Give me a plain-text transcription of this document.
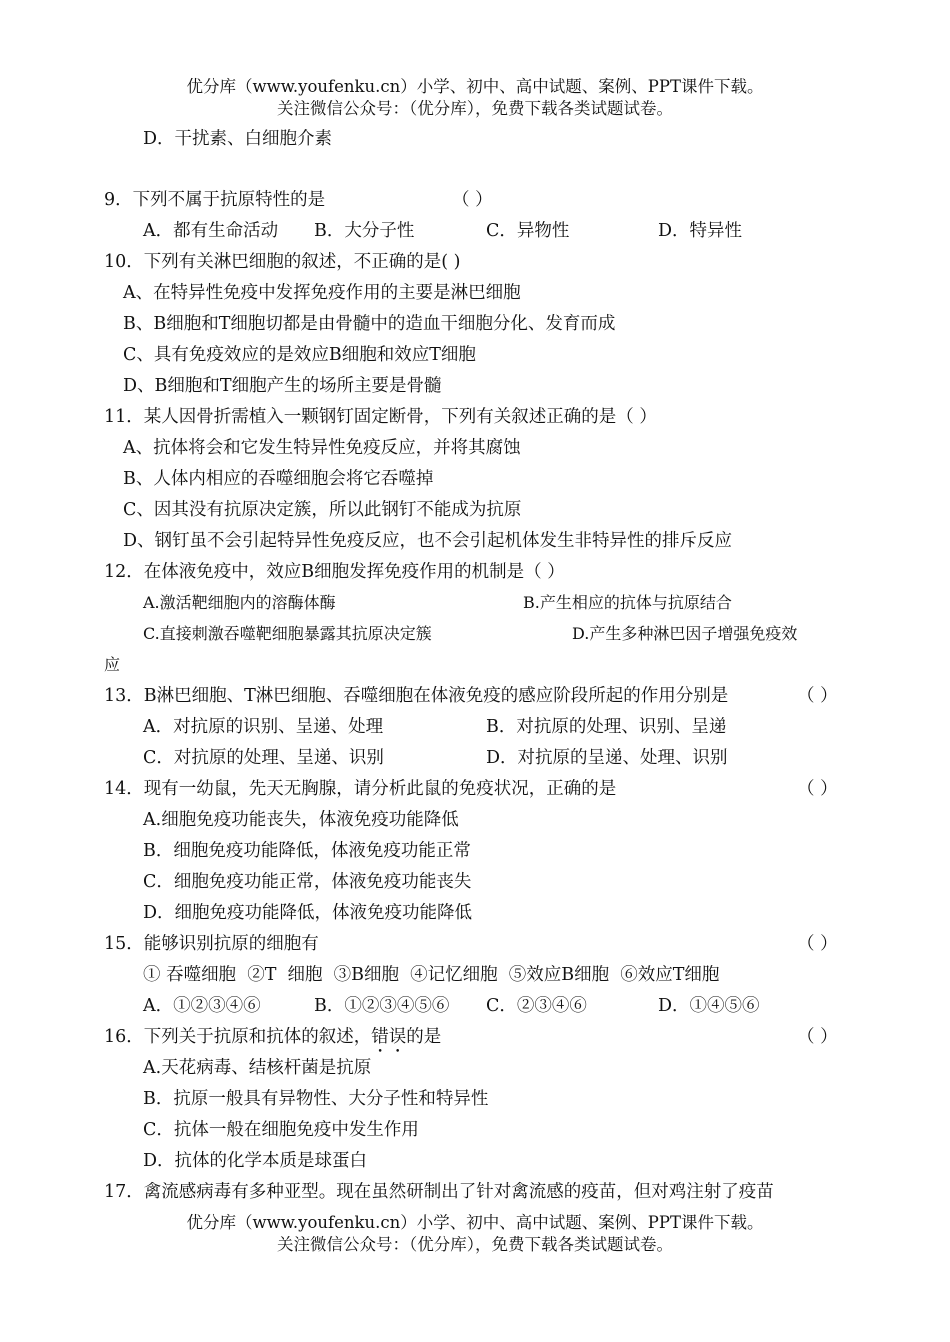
优分库（www.youfenku.cn）小学、初中、高中试题、案例、PPT课件下载。
关注微信公众号：（优分库），免费下载各类试题试卷。
D．干扰素、白细胞介素
9．下列不属于抗原特性的是	（ ）
A．都有生命活动 B．大分子性	C．异物性	D．特异性
10．下列有关淋巴细胞的叙述，不正确的是( )
A、在特异性免疫中发挥免疫作用的主要是淋巴细胞
B、B细胞和T细胞切都是由骨髓中的造血干细胞分化、发育而成
C、具有免疫效应的是效应B细胞和效应T细胞
D、B细胞和T细胞产生的场所主要是骨髓
11．某人因骨折需植入一颗钢钉固定断骨，下列有关叙述正确的是（ ）
A、抗体将会和它发生特异性免疫反应，并将其腐蚀
B、人体内相应的吞噬细胞会将它吞噬掉
C、因其没有抗原决定簇，所以此钢钉不能成为抗原
D、钢钉虽不会引起特异性免疫反应，也不会引起机体发生非特异性的排斥反应
12．在体液免疫中，效应B细胞发挥免疫作用的机制是（ ）
A.激活靶细胞内的溶酶体酶	B.产生相应的抗体与抗原结合
C.直接刺激吞噬靶细胞暴露其抗原决定簇	D.产生多种淋巴因子增强免疫效
应
13．B淋巴细胞、T淋巴细胞、吞噬细胞在体液免疫的感应阶段所起的作用分别是	（ ）
A．对抗原的识别、呈递、处理	B．对抗原的处理、识别、呈递
C．对抗原的处理、呈递、识别	D．对抗原的呈递、处理、识别
14．现有一幼鼠，先天无胸腺，请分析此鼠的免疫状况，正确的是	（ ）
A.细胞免疫功能丧失，体液免疫功能降低
B．细胞免疫功能降低，体液免疫功能正常
C．细胞免疫功能正常，体液免疫功能丧失
D．细胞免疫功能降低，体液免疫功能降低
15．能够识别抗原的细胞有	（ ）
① 吞噬细胞  ②T  细胞  ③B细胞  ④记忆细胞  ⑤效应B细胞  ⑥效应T细胞
A．①②③④⑥	B．①②③④⑤⑥ C．②③④⑥	D．①④⑤⑥
16．下列关于抗原和抗体的叙述，错误的是	（ ）
A.天花病毒、结核杆菌是抗原
B．抗原一般具有异物性、大分子性和特异性
C．抗体一般在细胞免疫中发生作用
D．抗体的化学本质是球蛋白
17．禽流感病毒有多种亚型。现在虽然研制出了针对禽流感的疫苗，但对鸡注射了疫苗
优分库（www.youfenku.cn）小学、初中、高中试题、案例、PPT课件下载。
关注微信公众号：（优分库），免费下载各类试题试卷。
